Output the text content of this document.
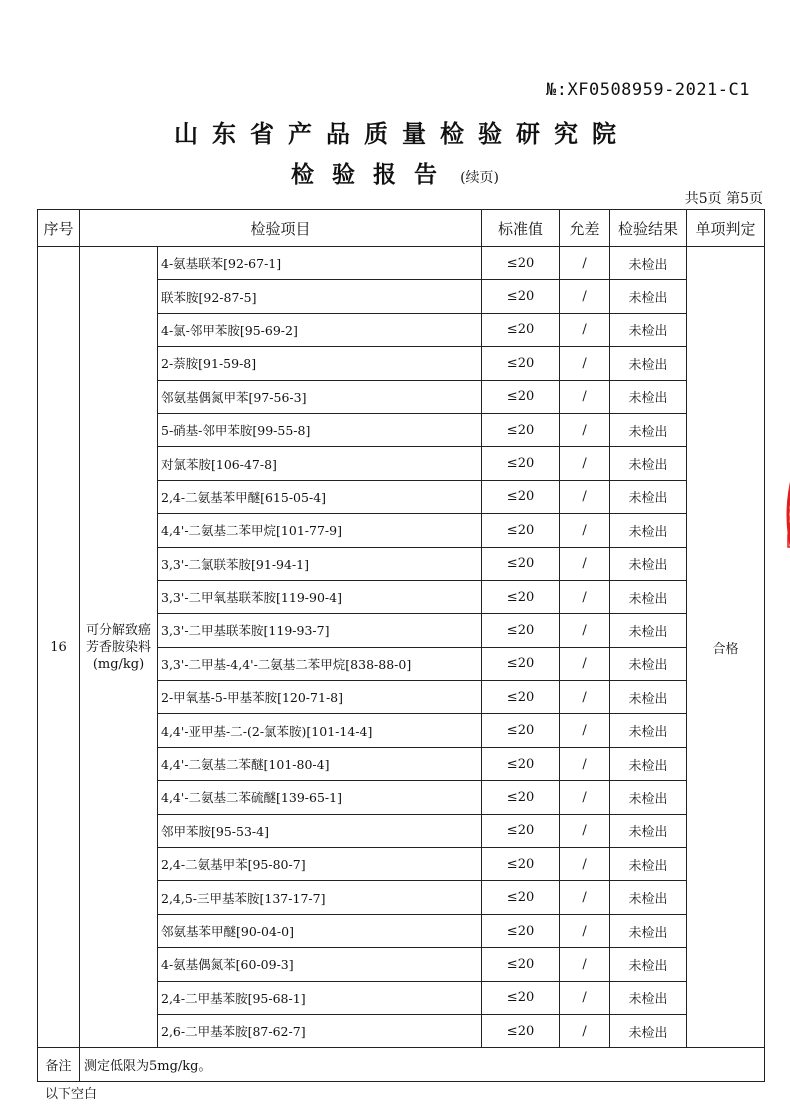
№:XF0508959-2021-C1
山东省产品质量检验研究院
检验报告 (续页)
共5页 第5页
序号	检验项目		标准值	允差	检验结果	单项判定
16	可分解致癌
芳香胺染料
(mg/kg)	4-氨基联苯[92-67-1]	≤20	/	未检出	合格
		联苯胺[92-87-5]	≤20	/	未检出	
		4-氯-邻甲苯胺[95-69-2]	≤20	/	未检出	
		2-萘胺[91-59-8]	≤20	/	未检出	
		邻氨基偶氮甲苯[97-56-3]	≤20	/	未检出	
		5-硝基-邻甲苯胺[99-55-8]	≤20	/	未检出	
		对氯苯胺[106-47-8]	≤20	/	未检出	
		2,4-二氨基苯甲醚[615-05-4]	≤20	/	未检出	
		4,4'-二氨基二苯甲烷[101-77-9]	≤20	/	未检出	
		3,3'-二氯联苯胺[91-94-1]	≤20	/	未检出	
		3,3'-二甲氧基联苯胺[119-90-4]	≤20	/	未检出	
		3,3'-二甲基联苯胺[119-93-7]	≤20	/	未检出	
		3,3'-二甲基-4,4'-二氨基二苯甲烷[838-88-0]	≤20	/	未检出	
		2-甲氧基-5-甲基苯胺[120-71-8]	≤20	/	未检出	
		4,4'-亚甲基-二-(2-氯苯胺)[101-14-4]	≤20	/	未检出	
		4,4'-二氨基二苯醚[101-80-4]	≤20	/	未检出	
		4,4'-二氨基二苯硫醚[139-65-1]	≤20	/	未检出	
		邻甲苯胺[95-53-4]	≤20	/	未检出	
		2,4-二氨基甲苯[95-80-7]	≤20	/	未检出	
		2,4,5-三甲基苯胺[137-17-7]	≤20	/	未检出	
		邻氨基苯甲醚[90-04-0]	≤20	/	未检出	
		4-氨基偶氮苯[60-09-3]	≤20	/	未检出	
		2,4-二甲基苯胺[95-68-1]	≤20	/	未检出	
		2,6-二甲基苯胺[87-62-7]	≤20	/	未检出	
备注	测定低限为5mg/kg。					
以下空白
